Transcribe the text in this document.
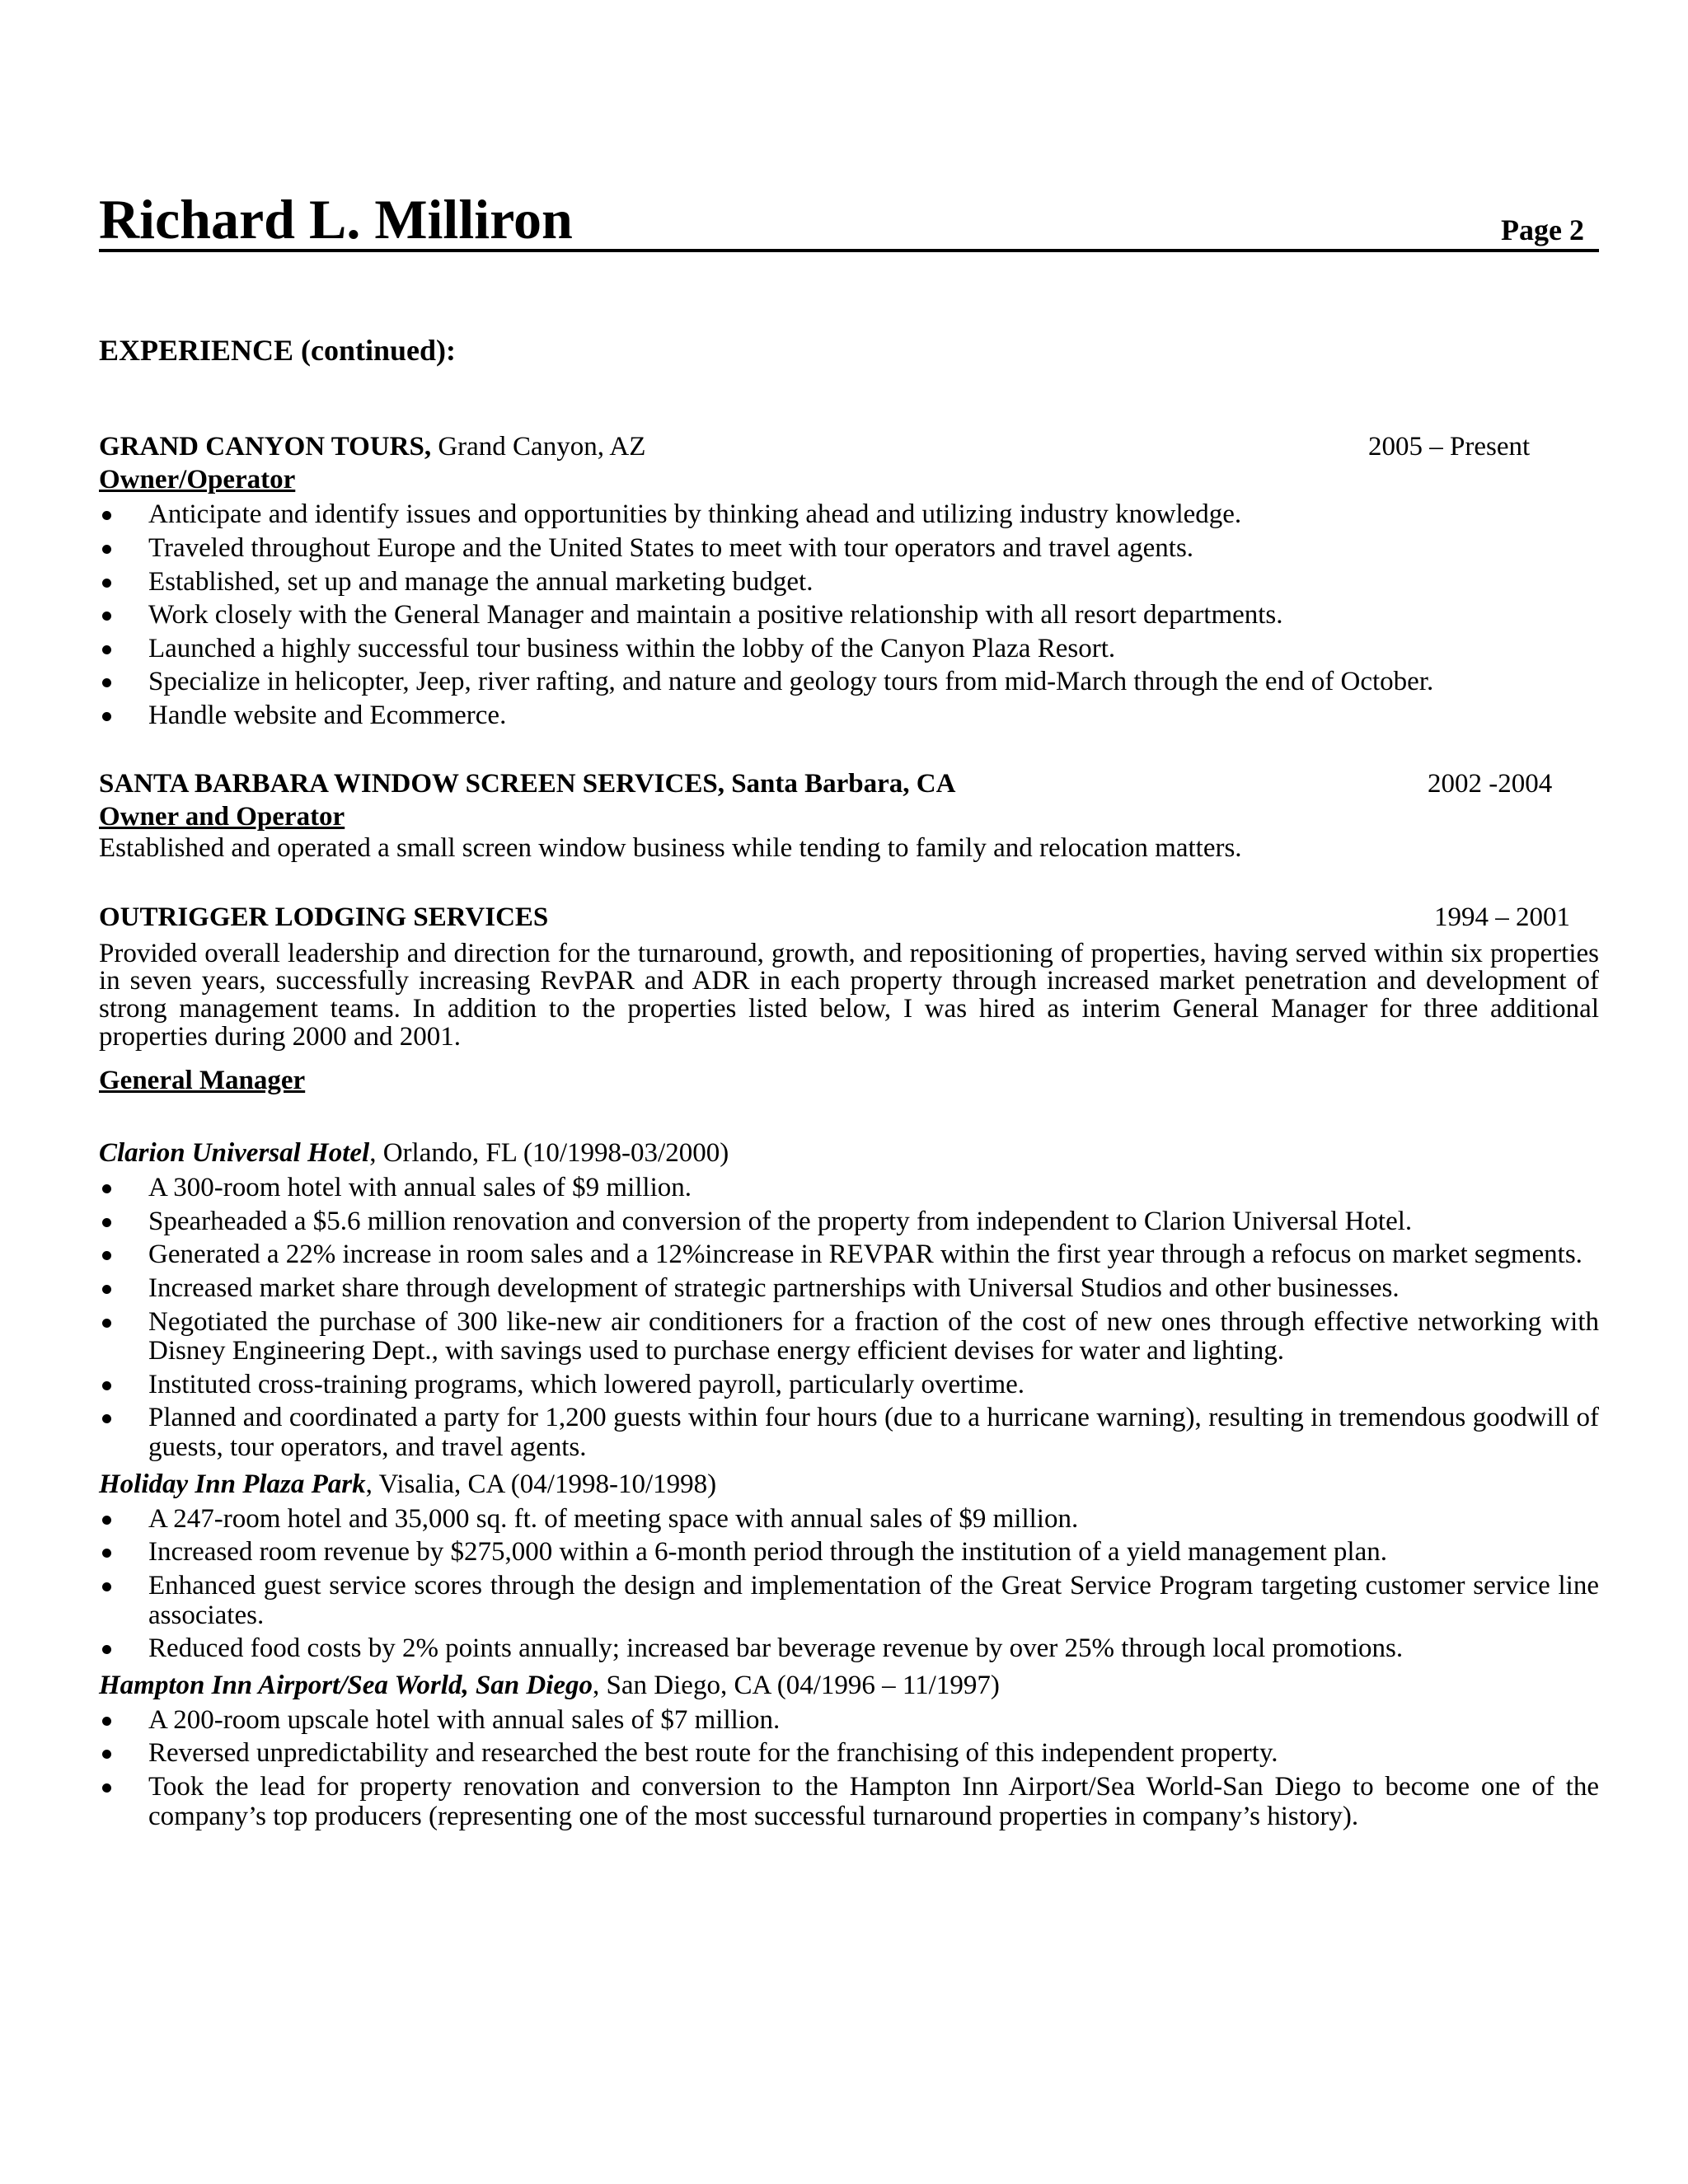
Richard L. Milliron	Page 2
EXPERIENCE (continued):
GRAND CANYON TOURS, Grand Canyon, AZ	2005 – Present
Owner/Operator
Anticipate and identify issues and opportunities by thinking ahead and utilizing industry knowledge.
Traveled throughout Europe and the United States to meet with tour operators and travel agents.
Established, set up and manage the annual marketing budget.
Work closely with the General Manager and maintain a positive relationship with all resort departments.
Launched a highly successful tour business within the lobby of the Canyon Plaza Resort.
Specialize in helicopter, Jeep, river rafting, and nature and geology tours from mid-March through the end of October.
Handle website and Ecommerce.
SANTA BARBARA WINDOW SCREEN SERVICES, Santa Barbara, CA	2002 -2004
Owner and Operator
Established and operated a small screen window business while tending to family and relocation matters.
OUTRIGGER LODGING SERVICES	1994 – 2001
Provided overall leadership and direction for the turnaround, growth, and repositioning of properties, having served within six properties in seven years, successfully increasing RevPAR and ADR in each property through increased market penetration and development of strong management teams. In addition to the properties listed below, I was hired as interim General Manager for three additional properties during 2000 and 2001.
General Manager
Clarion Universal Hotel, Orlando, FL (10/1998-03/2000)
A 300-room hotel with annual sales of $9 million.
Spearheaded a $5.6 million renovation and conversion of the property from independent to Clarion Universal Hotel.
Generated a 22% increase in room sales and a 12%increase in REVPAR within the first year through a refocus on market segments.
Increased market share through development of strategic partnerships with Universal Studios and other businesses.
Negotiated the purchase of 300 like-new air conditioners for a fraction of the cost of new ones through effective networking with Disney Engineering Dept., with savings used to purchase energy efficient devises for water and lighting.
Instituted cross-training programs, which lowered payroll, particularly overtime.
Planned and coordinated a party for 1,200 guests within four hours (due to a hurricane warning), resulting in tremendous goodwill of guests, tour operators, and travel agents.
Holiday Inn Plaza Park, Visalia, CA (04/1998-10/1998)
A 247-room hotel and 35,000 sq. ft. of meeting space with annual sales of $9 million.
Increased room revenue by $275,000 within a 6-month period through the institution of a yield management plan.
Enhanced guest service scores through the design and implementation of the Great Service Program targeting customer service line associates.
Reduced food costs by 2% points annually; increased bar beverage revenue by over 25% through local promotions.
Hampton Inn Airport/Sea World, San Diego, San Diego, CA (04/1996 – 11/1997)
A 200-room upscale hotel with annual sales of $7 million.
Reversed unpredictability and researched the best route for the franchising of this independent property.
Took the lead for property renovation and conversion to the Hampton Inn Airport/Sea World-San Diego to become one of the company’s top producers (representing one of the most successful turnaround properties in company’s history).
